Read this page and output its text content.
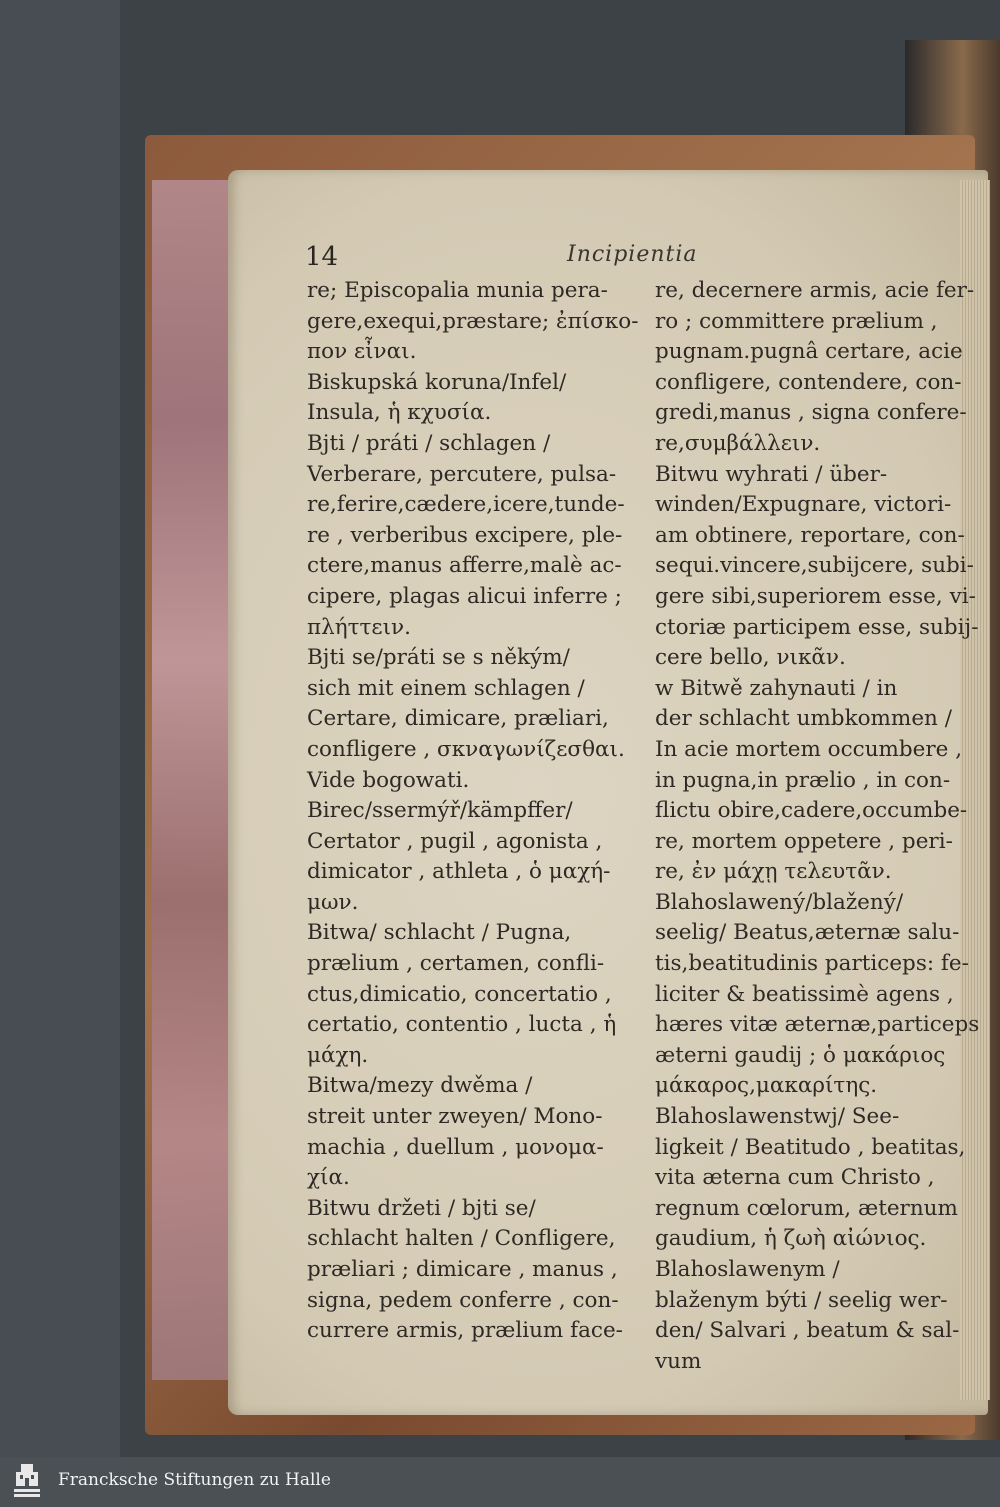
14	Incipientia
re; Episcopalia munia pera-
gere,exequi,præstare; ἐπίσκο-
πον εἶναι.
Biskupská koruna/Infel/
Insula, ἡ κχυσία.
Bjti / práti / schlagen /
Verberare, percutere, pulsa-
re,ferire,cædere,icere,tunde-
re , verberibus excipere, ple-
ctere,manus afferre,malè ac-
cipere, plagas alicui inferre ;
πλήττειν.
Bjti se/práti se s někým/
sich mit einem schlagen /
Certare, dimicare, præliari,
confligere , σκναγωνίζεσθαι.
Vide bogowati.
Birec/ssermýř/kämpffer/
Certator , pugil , agonista ,
dimicator , athleta , ὁ μαχή-
μων.
Bitwa/ schlacht / Pugna,
prælium , certamen, confli-
ctus,dimicatio, concertatio ,
certatio, contentio , lucta , ἡ
μάχη.
Bitwa/mezy dwěma /
streit unter zweyen/ Mono-
machia , duellum , μονομα-
χία.
Bitwu držeti / bjti se/
schlacht halten / Confligere,
præliari ; dimicare , manus ,
signa, pedem conferre , con-
currere armis, prælium face-
re, decernere armis, acie fer-
ro ; committere prælium ,
pugnam.pugnâ certare, acie
confligere, contendere, con-
gredi,manus , signa confere-
re,συμβάλλειν.
Bitwu wyhrati / über-
winden/Expugnare, victori-
am obtinere, reportare, con-
sequi.vincere,subijcere, subi-
gere sibi,superiorem esse, vi-
ctoriæ participem esse, subij-
cere bello, νικᾶν.
w Bitwě zahynauti / in
der schlacht umbkommen /
In acie mortem occumbere ,
in pugna,in prælio , in con-
flictu obire,cadere,occumbe-
re, mortem oppetere , peri-
re, ἐν μάχῃ τελευτᾶν.
Blahoslawený/blažený/
seelig/ Beatus,æternæ salu-
tis,beatitudinis particeps: fe-
liciter & beatissimè agens ,
hæres vitæ æternæ,particeps
æterni gaudij ; ὁ μακάριος
μάκαρος,μακαρίτης.
Blahoslawenstwj/ See-
ligkeit / Beatitudo , beatitas,
vita æterna cum Christo ,
regnum cœlorum, æternum
gaudium, ἡ ζωὴ αἰώνιος.
Blahoslawenym /
blaženym býti / seelig wer-
den/ Salvari , beatum & sal-
vum
Francksche Stiftungen zu Halle
